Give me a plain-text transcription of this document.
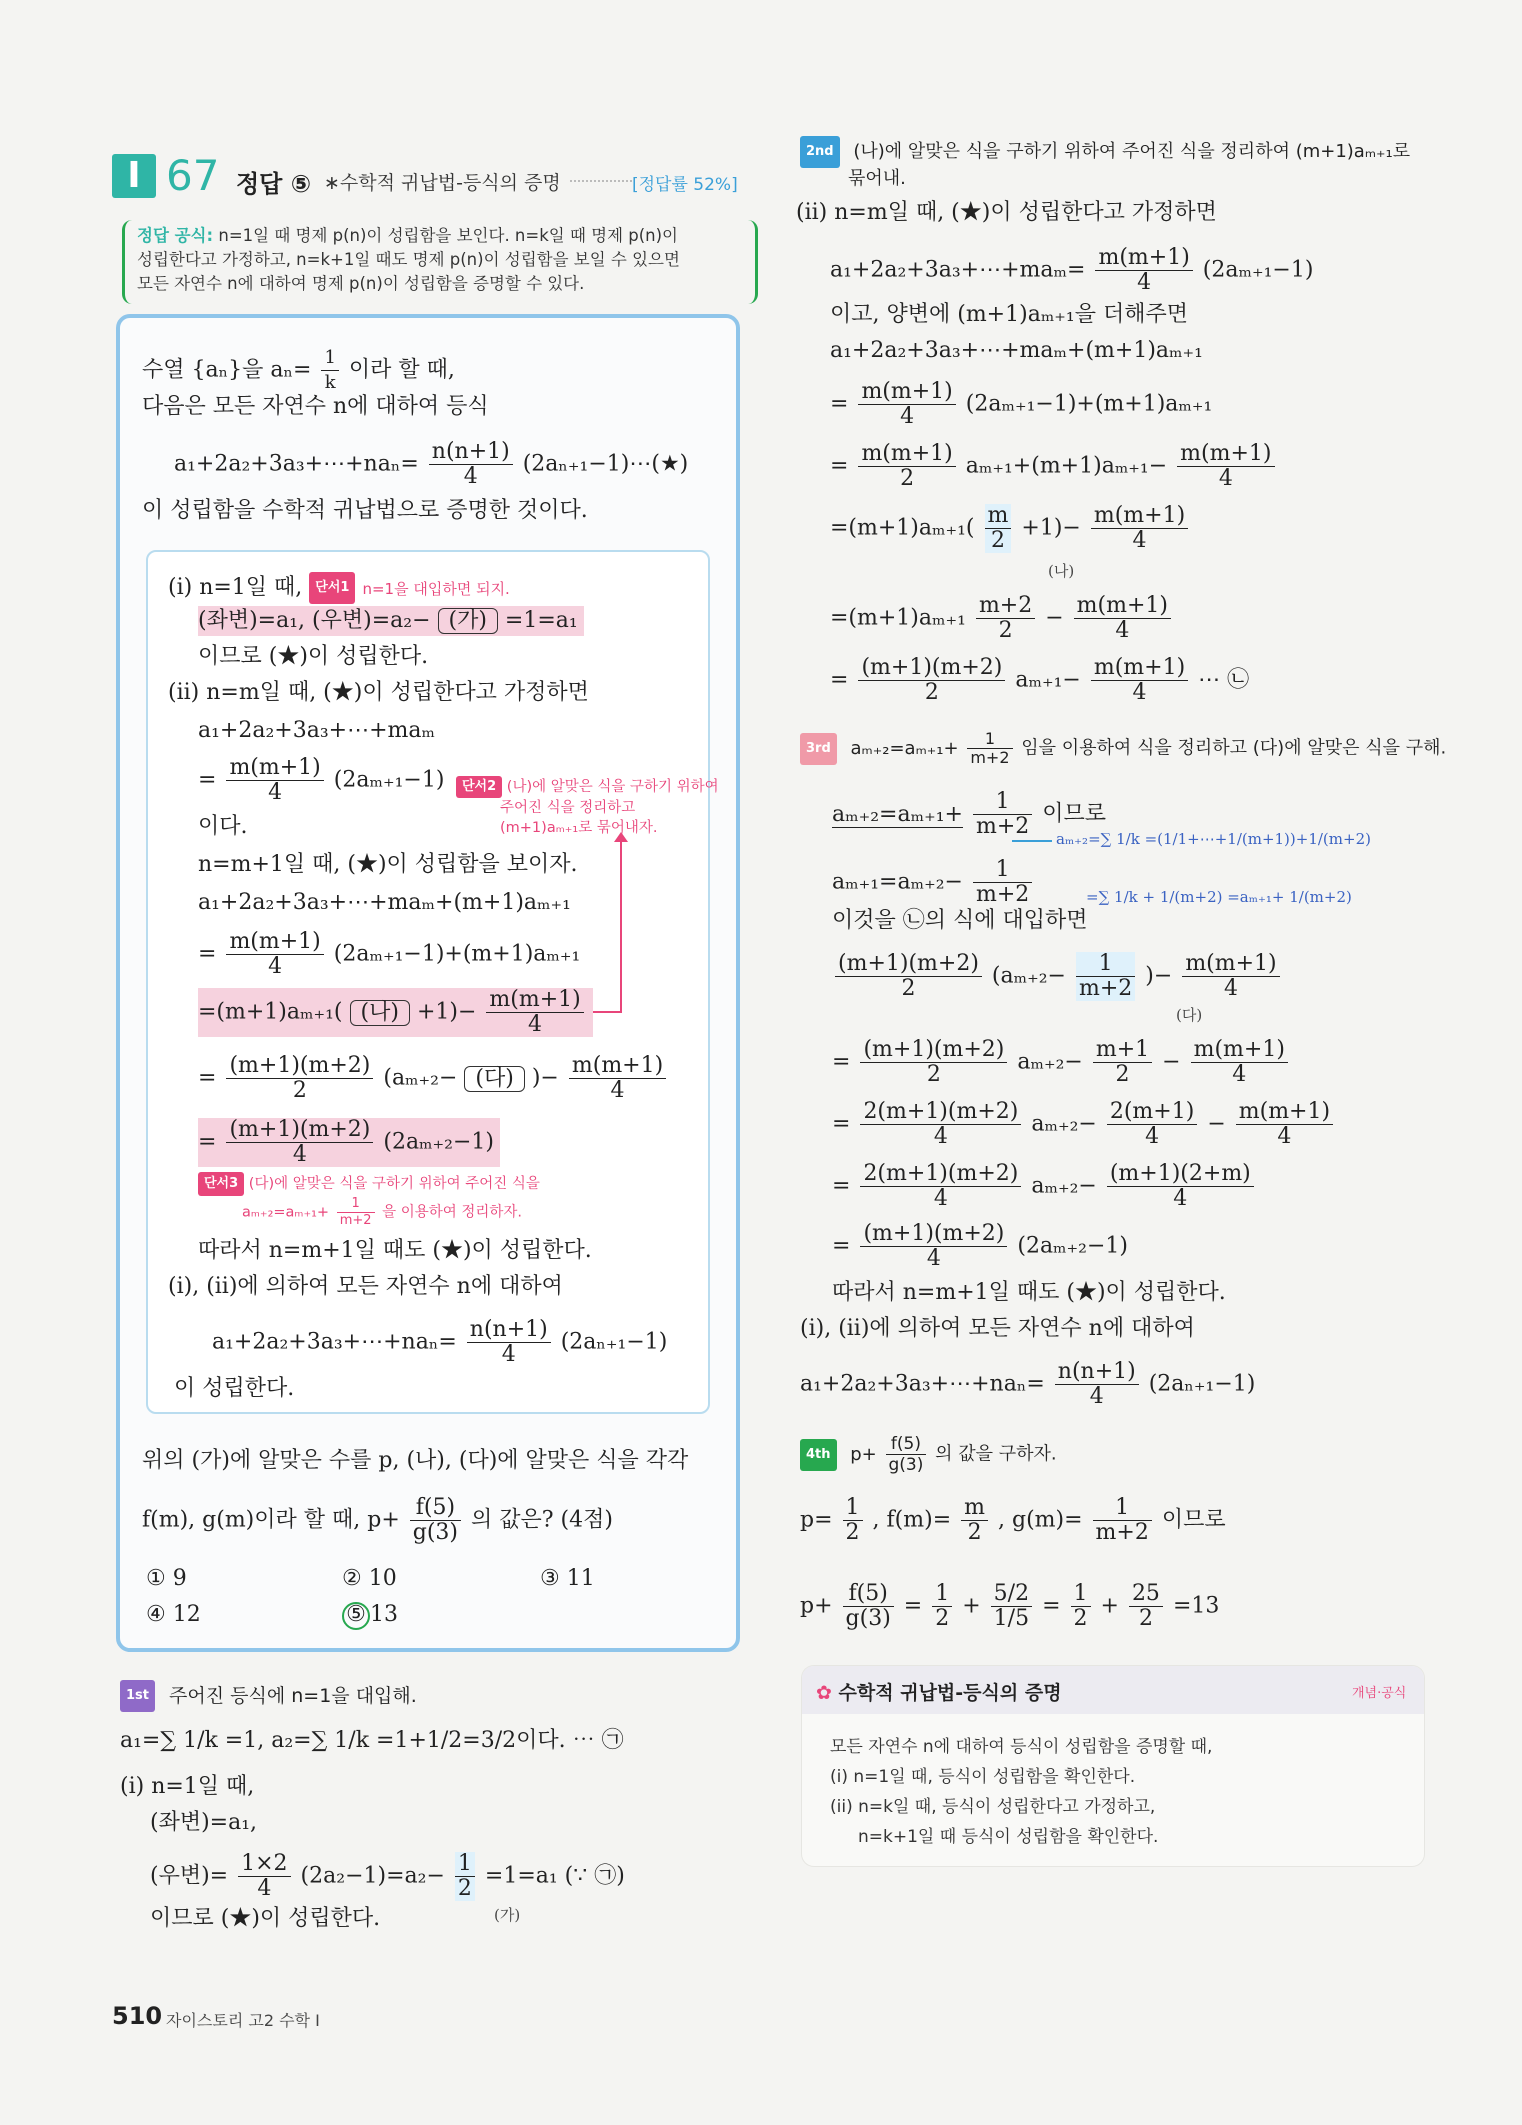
I 67 정답 ⑤ ∗수학적 귀납법-등식의 증명	[정답률 52%]
정답 공식: n=1일 때 명제 p(n)이 성립함을 보인다. n=k일 때 명제 p(n)이
성립한다고 가정하고, n=k+1일 때도 명제 p(n)이 성립함을 보일 수 있으면
모든 자연수 n에 대하여 명제 p(n)이 성립함을 증명할 수 있다.
수열 {aₙ}을 $a_n= \frac{1}{k}$ 이라 할 때,
다음은 모든 자연수 n에 대하여 등식
a₁+2a₂+3a₃+⋯+naₙ= $\frac{n(n+1)}{4}$ (2aₙ₊₁−1)⋯(★)
이 성립함을 수학적 귀납법으로 증명한 것이다.
(i) n=1일 때, 단서1 n=1을 대입하면 되지.
(좌변)=a₁, (우변)=a₂− (가) =1=a₁
이므로 (★)이 성립한다.
(ii) n=m일 때, (★)이 성립한다고 가정하면
a₁+2a₂+3a₃+⋯+maₘ
= $\frac{m(m+1)}{4} (2a_{m+1}-1)$	단서2 (나)에 알맞은 식을 구하기 위하여
주어진 식을 정리하고
(m+1)aₘ₊₁로 묶어내자.
이다.
n=m+1일 때, (★)이 성립함을 보이자.
a₁+2a₂+3a₃+⋯+maₘ+(m+1)aₘ₊₁
= $\frac{m(m+1)}{4} (2a_{m+1}-1)+(m+1)a_{m+1}$
=(m+1)aₘ₊₁( (나) $+1)- \frac{m(m+1)}{4}$
= $\frac{(m+1)(m+2)}{2} (a_{m+2}-$ (다) )− $\frac{m(m+1)}{4}$
= $\frac{(m+1)(m+2)}{4} (2a_{m+2}-1)$
단서3 (다)에 알맞은 식을 구하기 위하여 주어진 식을
$a_{m+2}=a_{m+1}+ \frac{1}{m+2}$ 을 이용하여 정리하자.
따라서 n=m+1일 때도 (★)이 성립한다.
(i), (ii)에 의하여 모든 자연수 n에 대하여
a₁+2a₂+3a₃+⋯+naₙ= $\frac{n(n+1)}{4} (2a_{n+1}-1)$
이 성립한다.
위의 (가)에 알맞은 수를 p, (나), (다)에 알맞은 식을 각각
f(m), g(m)이라 할 때, $p+ \frac{f(5)}{g(3)}$ 의 값은? (4점)
① 9	② 10	③ 11
④ 12	⑤ 13
1st 주어진 등식에 n=1을 대입해.
a₁=∑ 1/k =1, a₂=∑ 1/k =1+1/2=3/2이다. ⋯ ㉠
(i) n=1일 때,
(좌변)=a₁,
(우변)= $\frac{1\times 2}{4} (2a_2-1)=a_2- \frac{1}{2} =1=a_1$ (∵ ㉠)
(가)
이므로 (★)이 성립한다.
510 자이스토리 고2 수학 I
2nd (나)에 알맞은 식을 구하기 위하여 주어진 식을 정리하여 (m+1)aₘ₊₁로
묶어내.
(ii) n=m일 때, (★)이 성립한다고 가정하면
a₁+2a₂+3a₃+⋯+maₘ= $\frac{m(m+1)}{4} (2a_{m+1}-1)$
이고, 양변에 (m+1)aₘ₊₁을 더해주면
a₁+2a₂+3a₃+⋯+maₘ+(m+1)aₘ₊₁
= $\frac{m(m+1)}{4} (2a_{m+1}-1)+(m+1)a_{m+1}$
= $\frac{m(m+1)}{2} a_{m+1}+(m+1)a_{m+1}- \frac{m(m+1)}{4}$
$=(m+1)a_{m+1}( \frac{m}{2} +1)- \frac{m(m+1)}{4}$
(나)
$=(m+1)a_{m+1} \frac{m+2}{2} - \frac{m(m+1)}{4}$
= $\frac{(m+1)(m+2)}{2} a_{m+1}- \frac{m(m+1)}{4}$ ⋯ ㉡
3rd $a_{m+2}=a_{m+1}+ \frac{1}{m+2}$ 임을 이용하여 식을 정리하고 (다)에 알맞은 식을 구해.
$a_{m+2}=a_{m+1}+ \frac{1}{m+2}$ 이므로
aₘ₊₂=∑ 1/k =(1/1+⋯+1/(m+1))+1/(m+2)
=∑ 1/k + 1/(m+2) =aₘ₊₁+ 1/(m+2)
$a_{m+1}=a_{m+2}- \frac{1}{m+2}$
이것을 ㉡의 식에 대입하면
$\frac{(m+1)(m+2)}{2} (a_{m+2}- \frac{1}{m+2}$ )− $\frac{m(m+1)}{4}$
(다)
= $\frac{(m+1)(m+2)}{2} a_{m+2}- \frac{m+1}{2} - \frac{m(m+1)}{4}$
= $\frac{2(m+1)(m+2)}{4} a_{m+2}- \frac{2(m+1)}{4} - \frac{m(m+1)}{4}$
= $\frac{2(m+1)(m+2)}{4} a_{m+2}- \frac{(m+1)(2+m)}{4}$
= $\frac{(m+1)(m+2)}{4} (2a_{m+2}-1)$
따라서 n=m+1일 때도 (★)이 성립한다.
(i), (ii)에 의하여 모든 자연수 n에 대하여
a₁+2a₂+3a₃+⋯+naₙ= $\frac{n(n+1)}{4} (2a_{n+1}-1)$
4th $p+ \frac{f(5)}{g(3)}$ 의 값을 구하자.
$p= \frac{1}{2}$ , $f(m)= \frac{m}{2}$ , $g(m)= \frac{1}{m+2}$ 이므로
$p+ \frac{f(5)}{g(3)} = \frac{1}{2} + \frac{5/2}{1/5} = \frac{1}{2} + \frac{25}{2} =13$
✿ 수학적 귀납법-등식의 증명	개념·공식
모든 자연수 n에 대하여 등식이 성립함을 증명할 때,
(i) n=1일 때, 등식이 성립함을 확인한다.
(ii) n=k일 때, 등식이 성립한다고 가정하고,
n=k+1일 때 등식이 성립함을 확인한다.
